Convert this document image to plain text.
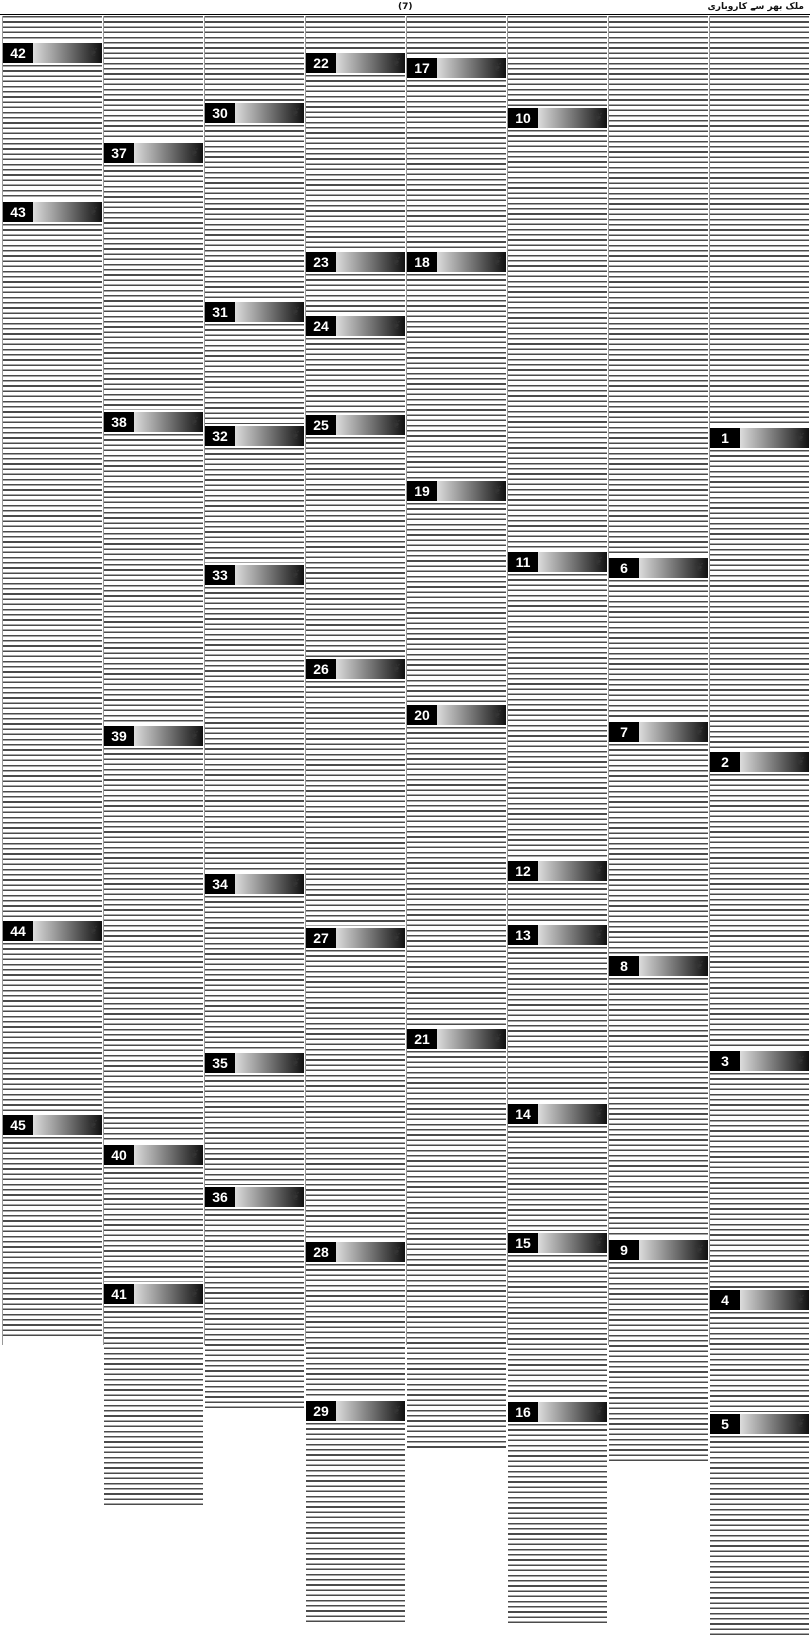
(7)	ملک بھر سے کاروباری
1	❦
2	❦
3	❦
4	❦
5	❦
6	❦
7	❦
8	❦
9	❦
10	❦
11	❦
12	❦
13	❦
14	❦
15	❦
16	❦
17	❦
18	❦
19	❦
20	❦
21	❦
22	❦
23	❦
24	❦
25	❦
26	❦
27	❦
28	❦
29	❦
30	❦
31	❦
32	❦
33	❦
34	❦
35	❦
36	❦
37	❦
38	❦
39	❦
40	❦
41	❦
42	❦
43	❦
44	❦
45	❦
